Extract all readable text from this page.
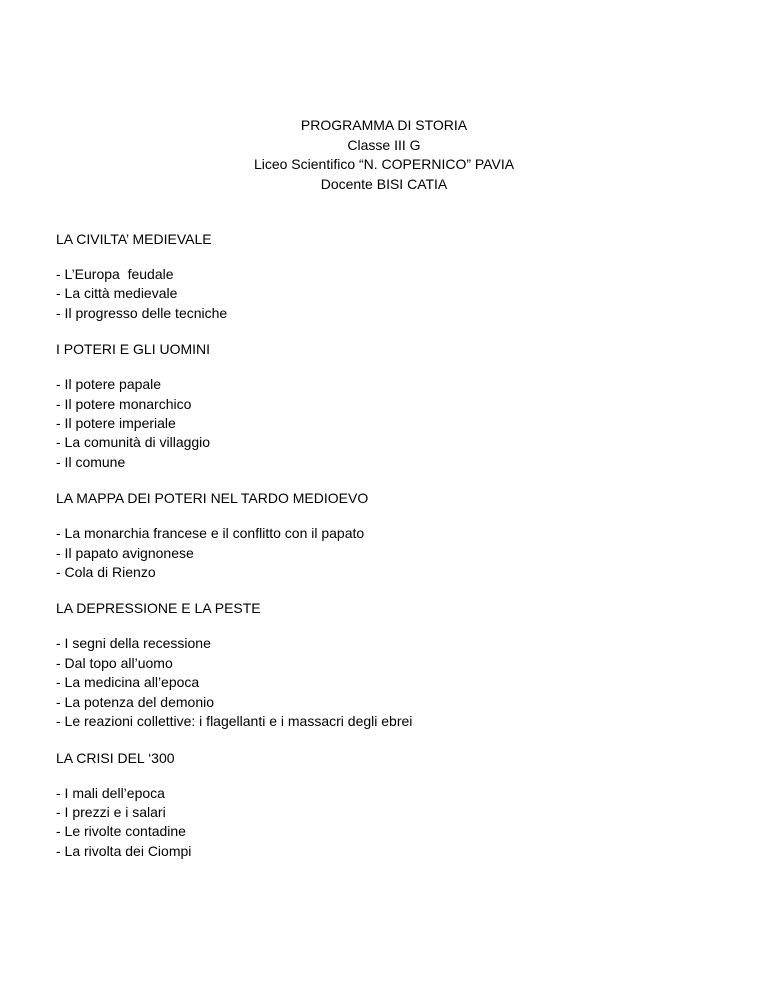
PROGRAMMA DI STORIA
Classe III G
Liceo Scientifico “N. COPERNICO” PAVIA
Docente BISI CATIA
LA CIVILTA’ MEDIEVALE
- L’Europa  feudale
- La città medievale
- Il progresso delle tecniche
I POTERI E GLI UOMINI
- Il potere papale
- Il potere monarchico
- Il potere imperiale
- La comunità di villaggio
- Il comune
LA MAPPA DEI POTERI NEL TARDO MEDIOEVO
- La monarchia francese e il conflitto con il papato
- Il papato avignonese
- Cola di Rienzo
LA DEPRESSIONE E LA PESTE
- I segni della recessione
- Dal topo all’uomo
- La medicina all’epoca
- La potenza del demonio
- Le reazioni collettive: i flagellanti e i massacri degli ebrei
LA CRISI DEL ‘300
- I mali dell’epoca
- I prezzi e i salari
- Le rivolte contadine
- La rivolta dei Ciompi
